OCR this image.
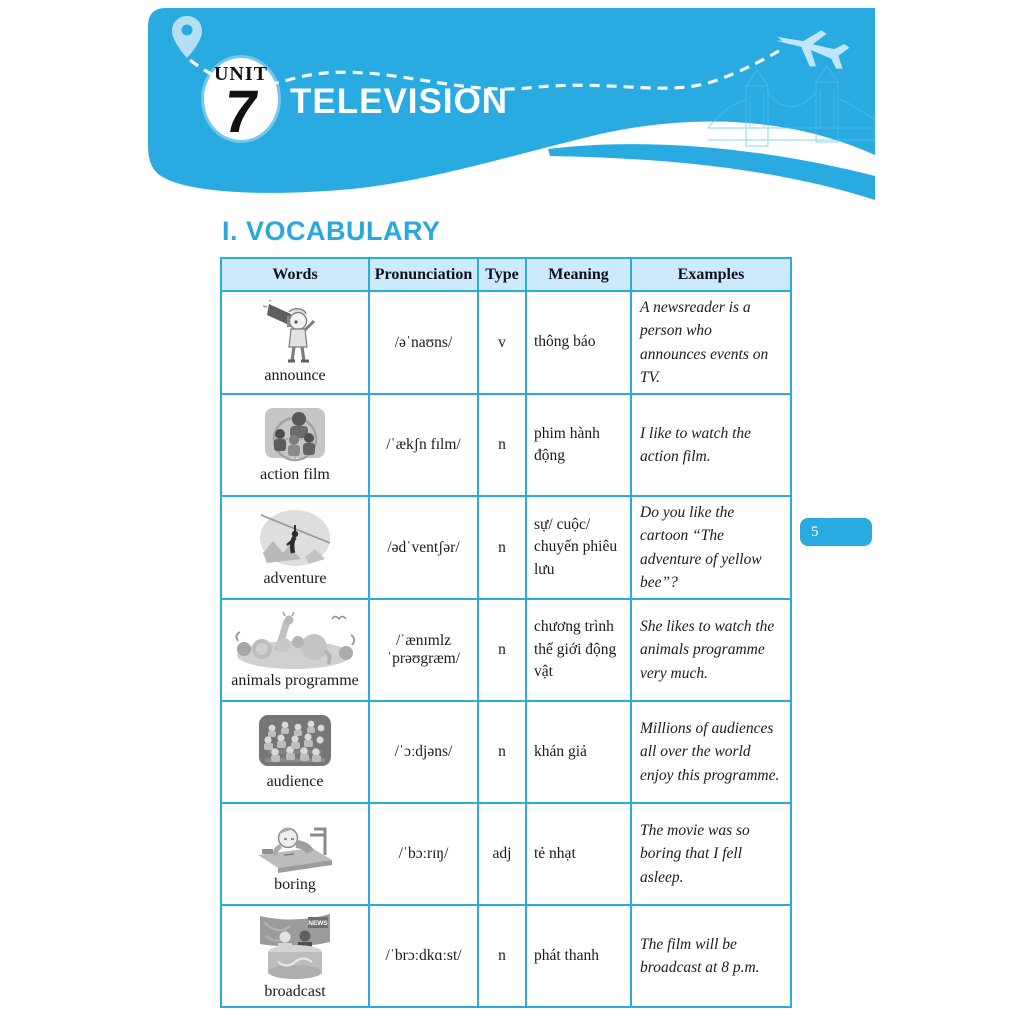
UNIT
7 TELEVISION
I. VOCABULARY
Words	Pronunciation	Type	Meaning	Examples

announce	/əˈnaʊns/	v	thông báo	A newsreader is a person who announces events on TV.

action film	/ˈækʃn fɪlm/	n	phim hành động	I like to watch the action film.

adventure	/ədˈventʃər/	n	sự/ cuộc/ chuyến phiêu lưu	Do you like the cartoon “The adventure of yellow bee”?

animals programme	/ˈænɪmlz ˈprəʊgræm/	n	chương trình thế giới động vật	She likes to watch the animals programme very much.

audience	/ˈɔːdjəns/	n	khán giả	Millions of audiences all over the world enjoy this programme.

boring	/ˈbɔːrɪŋ/	adj	tẻ nhạt	The movie was so boring that I fell asleep.

NEWS
broadcast	/ˈbrɔːdkɑːst/	n	phát thanh	The film will be broadcast at 8 p.m.
5
